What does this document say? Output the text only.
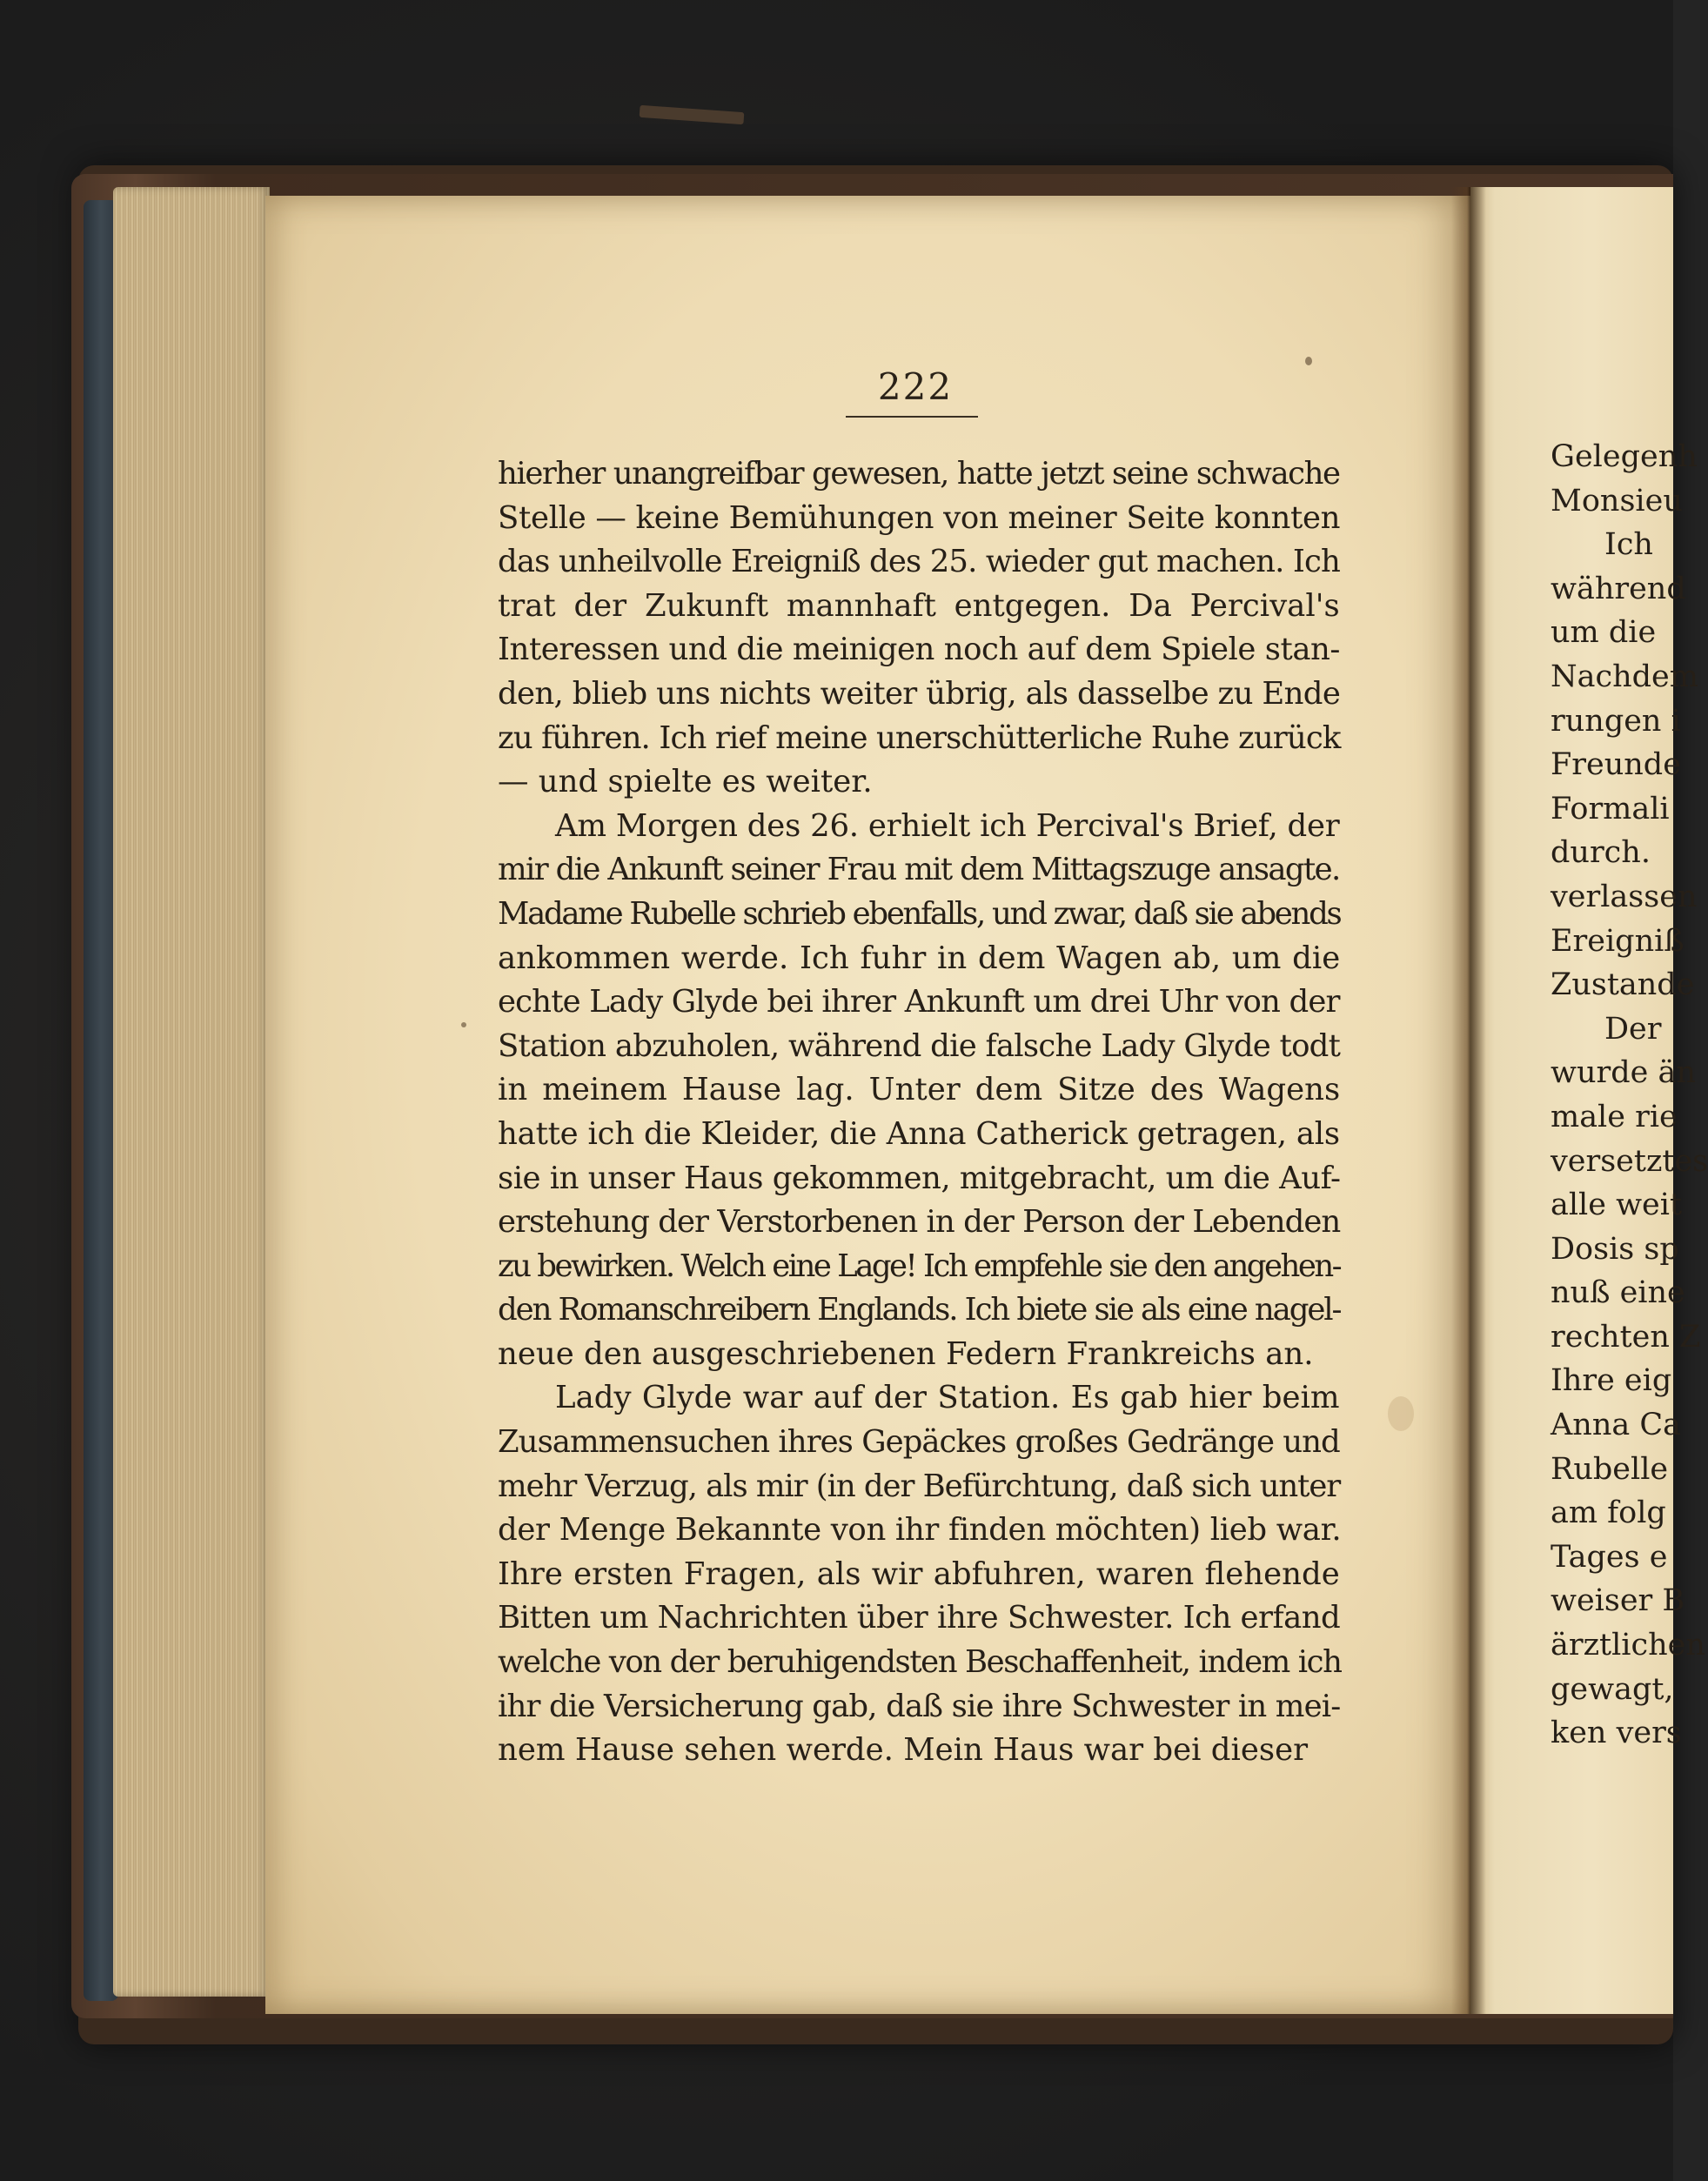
222
hierher unangreifbar gewesen, hatte jetzt seine schwache
Stelle — keine Bemühungen von meiner Seite konnten
das unheilvolle Ereigniß des 25. wieder gut machen. Ich
trat der Zukunft mannhaft entgegen. Da Percival's
Interessen und die meinigen noch auf dem Spiele stan-
den, blieb uns nichts weiter übrig, als dasselbe zu Ende
zu führen. Ich rief meine unerschütterliche Ruhe zurück
— und spielte es weiter.
Am Morgen des 26. erhielt ich Percival's Brief, der
mir die Ankunft seiner Frau mit dem Mittagszuge ansagte.
Madame Rubelle schrieb ebenfalls, und zwar, daß sie abends
ankommen werde. Ich fuhr in dem Wagen ab, um die
echte Lady Glyde bei ihrer Ankunft um drei Uhr von der
Station abzuholen, während die falsche Lady Glyde todt
in meinem Hause lag. Unter dem Sitze des Wagens
hatte ich die Kleider, die Anna Catherick getragen, als
sie in unser Haus gekommen, mitgebracht, um die Auf-
erstehung der Verstorbenen in der Person der Lebenden
zu bewirken. Welch eine Lage! Ich empfehle sie den angehen-
den Romanschreibern Englands. Ich biete sie als eine nagel-
neue den ausgeschriebenen Federn Frankreichs an.
Lady Glyde war auf der Station. Es gab hier beim
Zusammensuchen ihres Gepäckes großes Gedränge und
mehr Verzug, als mir (in der Befürchtung, daß sich unter
der Menge Bekannte von ihr finden möchten) lieb war.
Ihre ersten Fragen, als wir abfuhren, waren flehende
Bitten um Nachrichten über ihre Schwester. Ich erfand
welche von der beruhigendsten Beschaffenheit, indem ich
ihr die Versicherung gab, daß sie ihre Schwester in mei-
nem Hause sehen werde. Mein Haus war bei dieser
Gelegenh
Monsieu
Ich
während
um die
Nachdem
rungen i
Freunde
Formali
durch.
verlassen
Ereigniß
Zustande
Der
wurde än
male rie
versetztes
alle weit
Dosis sp
nuß eine
rechten Z
Ihre eig
Anna Ca
Rubelle
am folg
Tages e
weiser B
ärztlichen
gewagt,
ken vers
